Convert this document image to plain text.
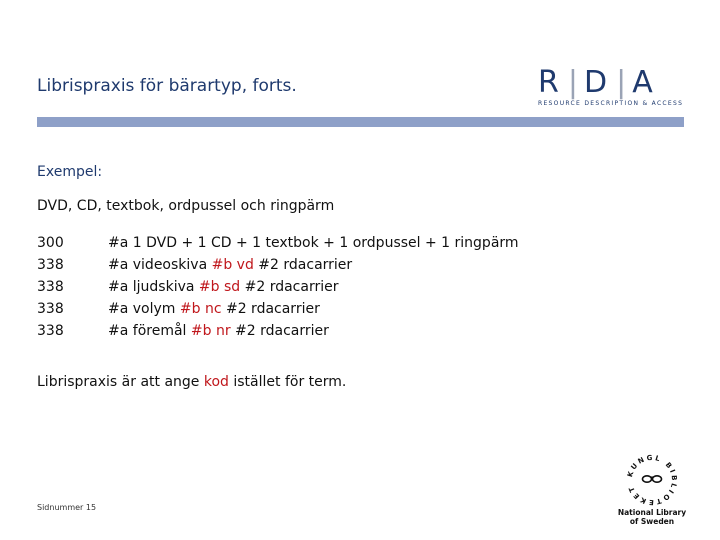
Librispraxis för bärartyp, forts.	R|D|A
RESOURCE DESCRIPTION & ACCESS
Exempel:
DVD, CD, textbok, ordpussel och ringpärm
300	#a 1 DVD + 1 CD + 1 textbok + 1 ordpussel + 1 ringpärm
338	#a videoskiva #b vd #2 rdacarrier
338	#a ljudskiva #b sd #2 rdacarrier
338	#a volym #b nc #2 rdacarrier
338	#a föremål #b nr #2 rdacarrier
Librispraxis är att ange kod istället för term.
Sidnummer 15
KUNGL BIBLIOTEKET
National Library
of Sweden
